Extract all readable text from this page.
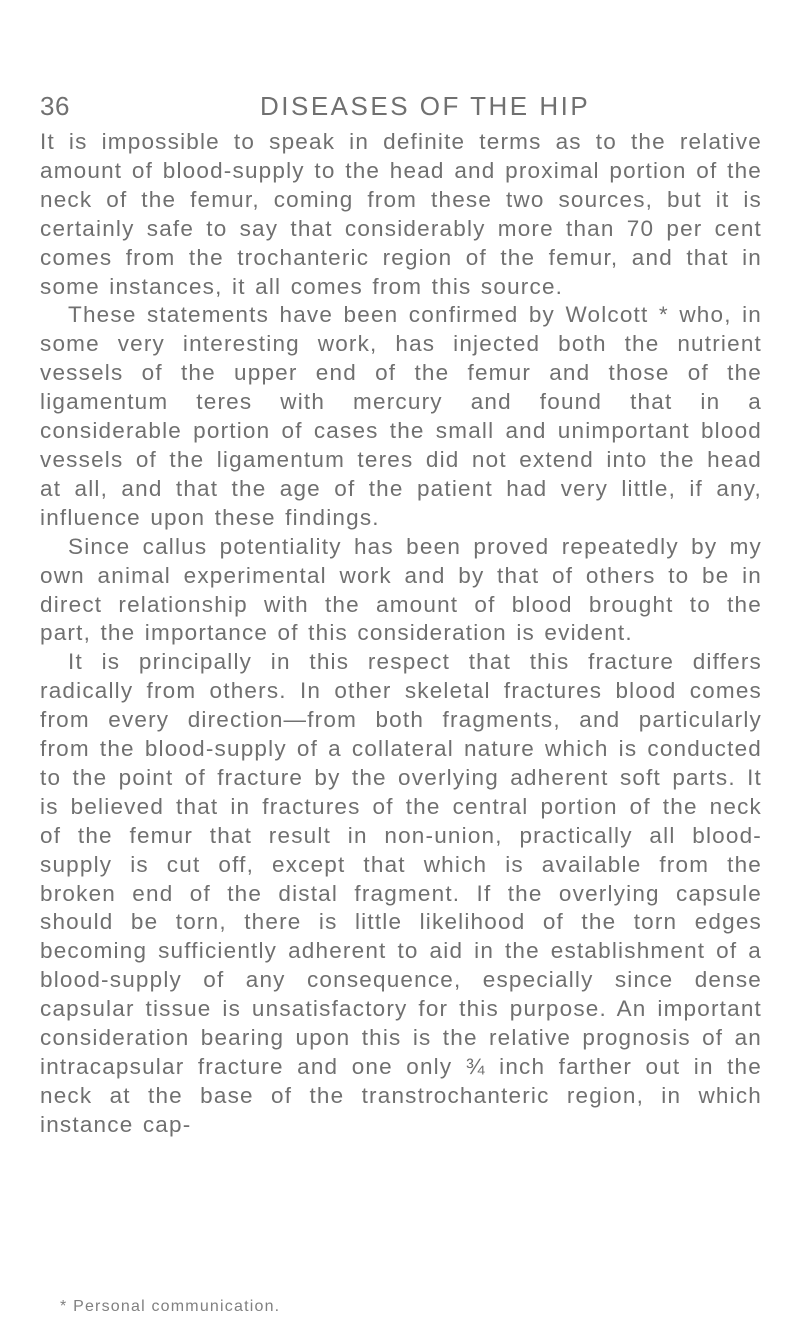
36	DISEASES OF THE HIP

It is impossible to speak in definite terms as to the relative amount of blood-supply to the head and proximal portion of the neck of the femur, coming from these two sources, but it is certainly safe to say that considerably more than 70 per cent comes from the trochanteric region of the femur, and that in some instances, it all comes from this source.

These statements have been confirmed by Wolcott * who, in some very interesting work, has injected both the nutrient vessels of the upper end of the femur and those of the ligamentum teres with mercury and found that in a considerable portion of cases the small and unimportant blood vessels of the ligamentum teres did not extend into the head at all, and that the age of the patient had very little, if any, influence upon these findings.

Since callus potentiality has been proved repeatedly by my own animal experimental work and by that of others to be in direct relationship with the amount of blood brought to the part, the importance of this consideration is evident.

It is principally in this respect that this fracture differs radically from others. In other skeletal fractures blood comes from every direction—from both fragments, and particularly from the blood-supply of a collateral nature which is conducted to the point of fracture by the overlying adherent soft parts. It is believed that in fractures of the central portion of the neck of the femur that result in non-union, practically all blood-supply is cut off, except that which is available from the broken end of the distal fragment. If the overlying capsule should be torn, there is little likelihood of the torn edges becoming sufficiently adherent to aid in the establishment of a blood-supply of any consequence, especially since dense capsular tissue is unsatisfactory for this purpose. An important consideration bearing upon this is the relative prognosis of an intracapsular fracture and one only ¾ inch farther out in the neck at the base of the transtrochanteric region, in which instance cap-

* Personal communication.
